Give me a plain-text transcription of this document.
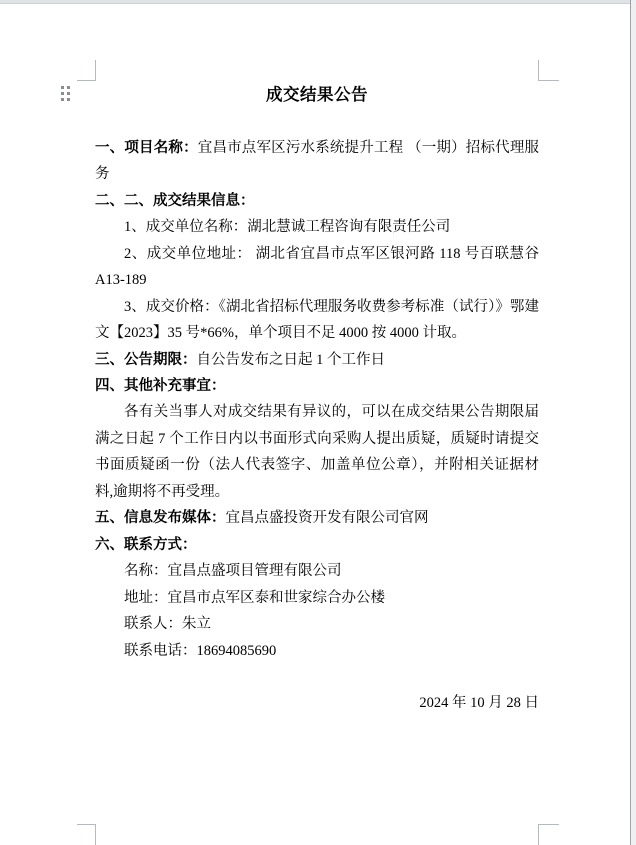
成交结果公告

一、项目名称：宜昌市点军区污水系统提升工程 （一期）招标代理服务

二、二、成交结果信息：

1、成交单位名称：湖北慧诚工程咨询有限责任公司

2、成交单位地址： 湖北省宜昌市点军区银河路 118 号百联慧谷 A13-189

3、成交价格：《湖北省招标代理服务收费参考标准（试行）》鄂建文【2023】35 号*66%，单个项目不足 4000 按 4000 计取。

三、公告期限：自公告发布之日起 1 个工作日

四、其他补充事宜：

各有关当事人对成交结果有异议的，可以在成交结果公告期限届满之日起 7 个工作日内以书面形式向采购人提出质疑，质疑时请提交书面质疑函一份（法人代表签字、加盖单位公章），并附相关证据材料,逾期将不再受理。

五、信息发布媒体：宜昌点盛投资开发有限公司官网

六、联系方式：

名称：宜昌点盛项目管理有限公司

地址：宜昌市点军区泰和世家综合办公楼

联系人：朱立

联系电话：18694085690

2024 年 10 月 28 日
